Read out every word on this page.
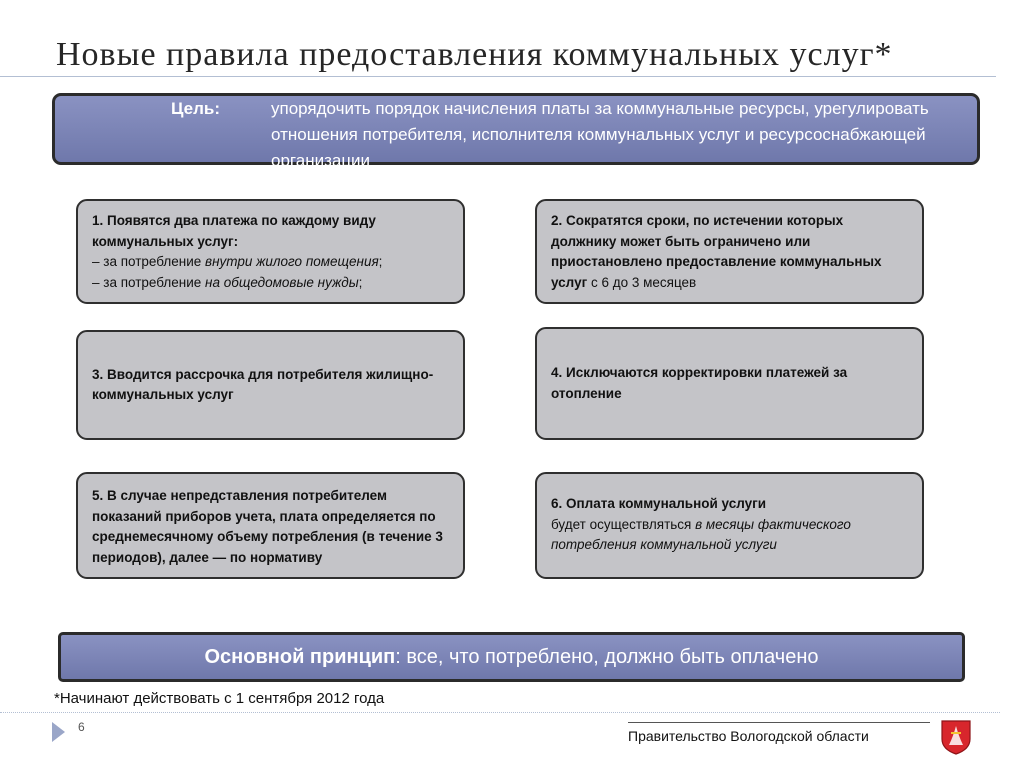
Новые правила предоставления коммунальных услуг*
Цель:	упорядочить порядок начисления платы за коммунальные ресурсы, урегулировать отношения потребителя, исполнителя коммунальных услуг и ресурсоснабжающей организации
1. Появятся два платежа по каждому виду коммунальных услуг:
– за потребление внутри жилого помещения;
– за потребление на общедомовые нужды;
2. Сократятся сроки, по истечении которых должнику может быть ограничено или приостановлено предоставление коммунальных услуг с 6 до 3 месяцев
3. Вводится рассрочка для потребителя жилищно-коммунальных услуг
4. Исключаются корректировки платежей за отопление
5. В случае непредставления потребителем показаний приборов учета, плата определяется по среднемесячному объему потребления (в течение 3 периодов), далее — по нормативу
6. Оплата коммунальной услуги
будет осуществляться в месяцы фактического потребления коммунальной услуги
Основной принцип: все, что потреблено, должно быть оплачено
*Начинают действовать с 1 сентября 2012 года
6
Правительство Вологодской области
